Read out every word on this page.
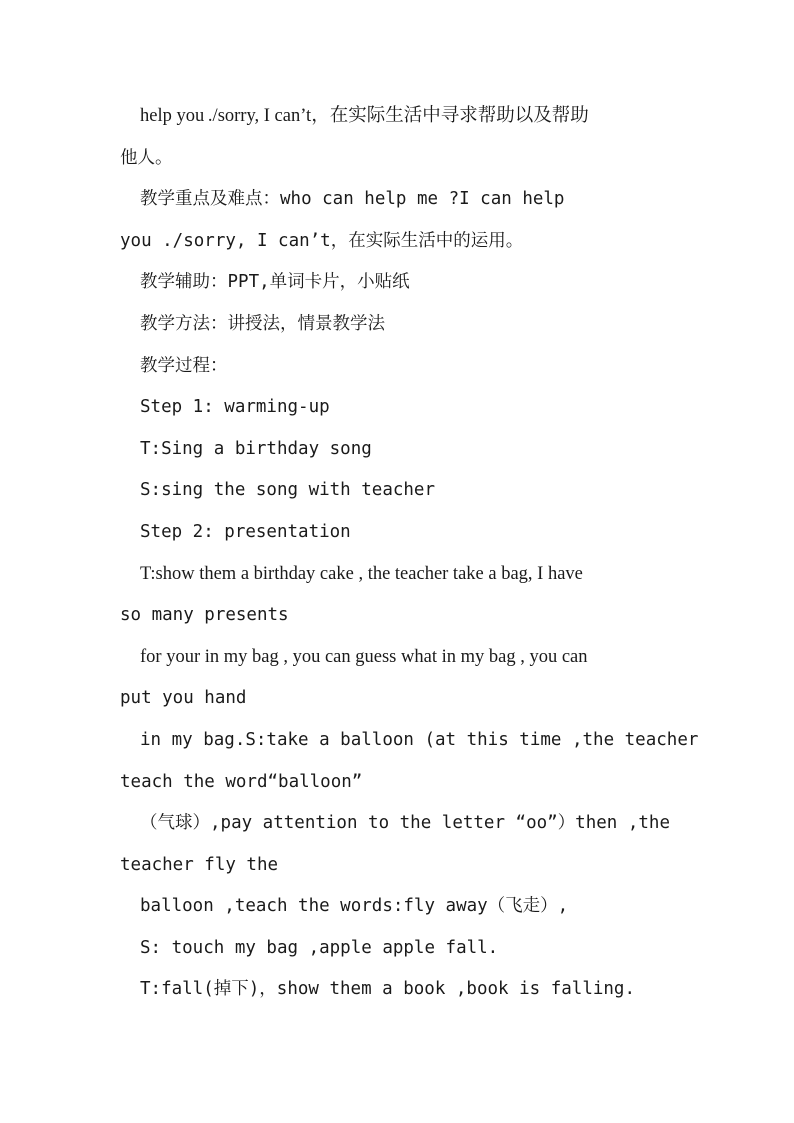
help you ./sorry, I can’t，在实际生活中寻求帮助以及帮助
他人。
教学重点及难点：who can help me ?I can help
you ./sorry, I can’t，在实际生活中的运用。
教学辅助：PPT,单词卡片，小贴纸
教学方法：讲授法，情景教学法
教学过程：
Step 1: warming-up
T:Sing a birthday song
S:sing the song with teacher
Step 2: presentation
T:show them a birthday cake , the teacher take a bag, I have
so many presents
for your in my bag , you can guess what in my bag , you can
put you hand
in my bag.S:take a balloon (at this time ,the teacher
teach the word“balloon”
（气球）,pay attention to the letter “oo”）then ,the
teacher fly the
balloon ,teach the words:fly away（飞走）,
S: touch my bag ,apple apple fall.
T:fall(掉下)，show them a book ,book is falling.
